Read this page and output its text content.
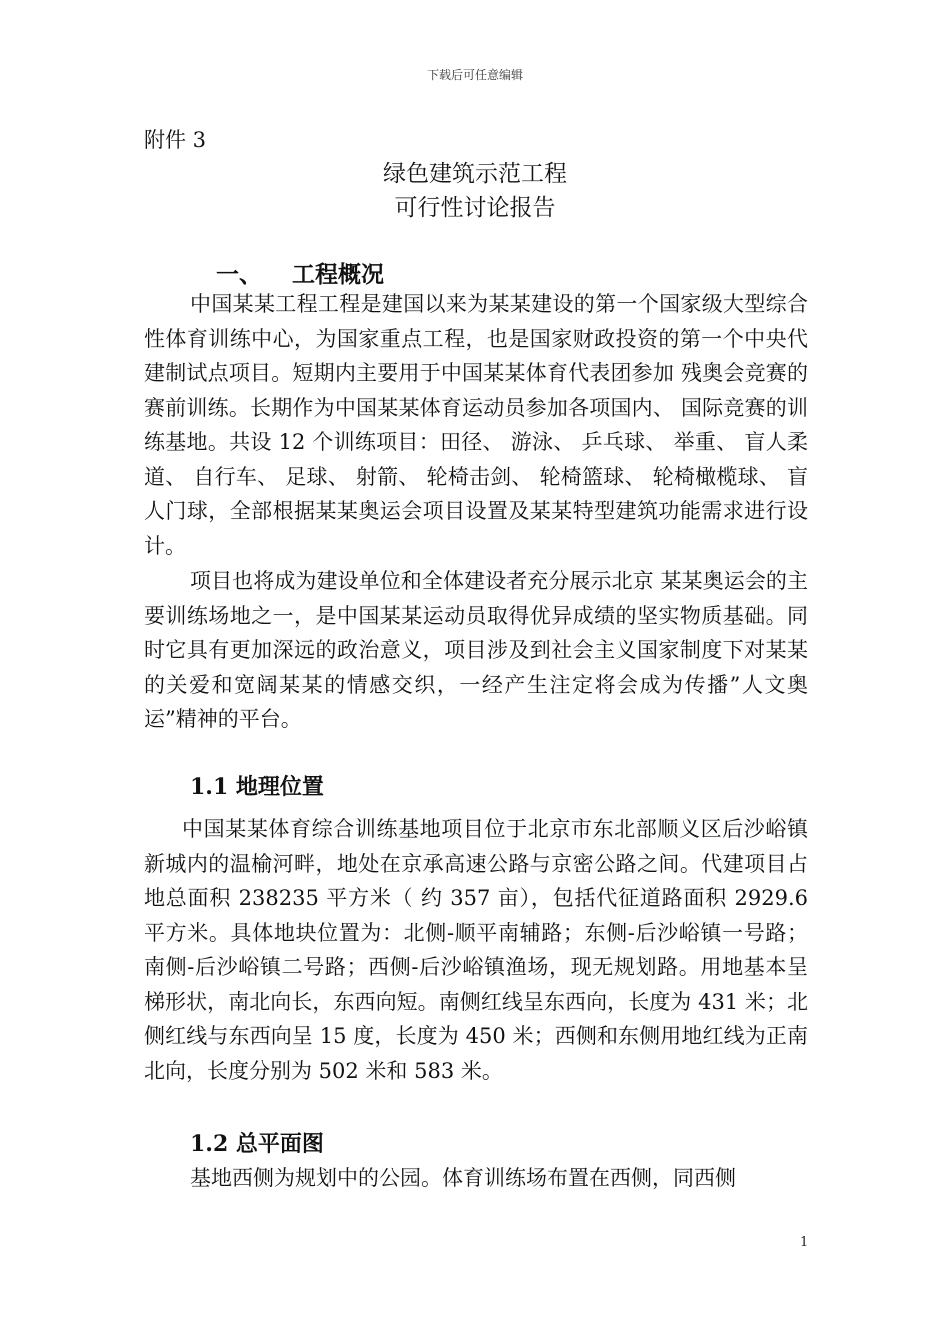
下载后可任意编辑
附件 3
绿色建筑示范工程
可行性讨论报告
一、 工程概况

中国某某工程工程是建国以来为某某建设的第一个国家级大型综合性体育训练中心，为国家重点工程，也是国家财政投资的第一个中央代建制试点项目。短期内主要用于中国某某体育代表团参加 残奥会竞赛的赛前训练。长期作为中国某某体育运动员参加各项国内、 国际竞赛的训练基地。共设 12 个训练项目：田径、 游泳、 乒乓球、 举重、 盲人柔道、 自行车、 足球、 射箭、 轮椅击剑、 轮椅篮球、 轮椅橄榄球、 盲人门球，全部根据某某奥运会项目设置及某某特型建筑功能需求进行设计。

项目也将成为建设单位和全体建设者充分展示北京 某某奥运会的主要训练场地之一，是中国某某运动员取得优异成绩的坚实物质基础。同时它具有更加深远的政治意义，项目涉及到社会主义国家制度下对某某的关爱和宽阔某某的情感交织，一经产生注定将会成为传播”人文奥运”精神的平台。

1.1 地理位置

中国某某体育综合训练基地项目位于北京市东北部顺义区后沙峪镇新城内的温榆河畔，地处在京承高速公路与京密公路之间。代建项目占地总面积 238235 平方米（ 约 357 亩），包括代征道路面积 2929.6 平方米。具体地块位置为：北侧-顺平南辅路；东侧-后沙峪镇一号路；南侧-后沙峪镇二号路；西侧-后沙峪镇渔场，现无规划路。用地基本呈梯形状，南北向长，东西向短。南侧红线呈东西向，长度为 431 米；北侧红线与东西向呈 15 度，长度为 450 米；西侧和东侧用地红线为正南北向，长度分别为 502 米和 583 米。

1.2 总平面图

基地西侧为规划中的公园。体育训练场布置在西侧，同西侧

1
